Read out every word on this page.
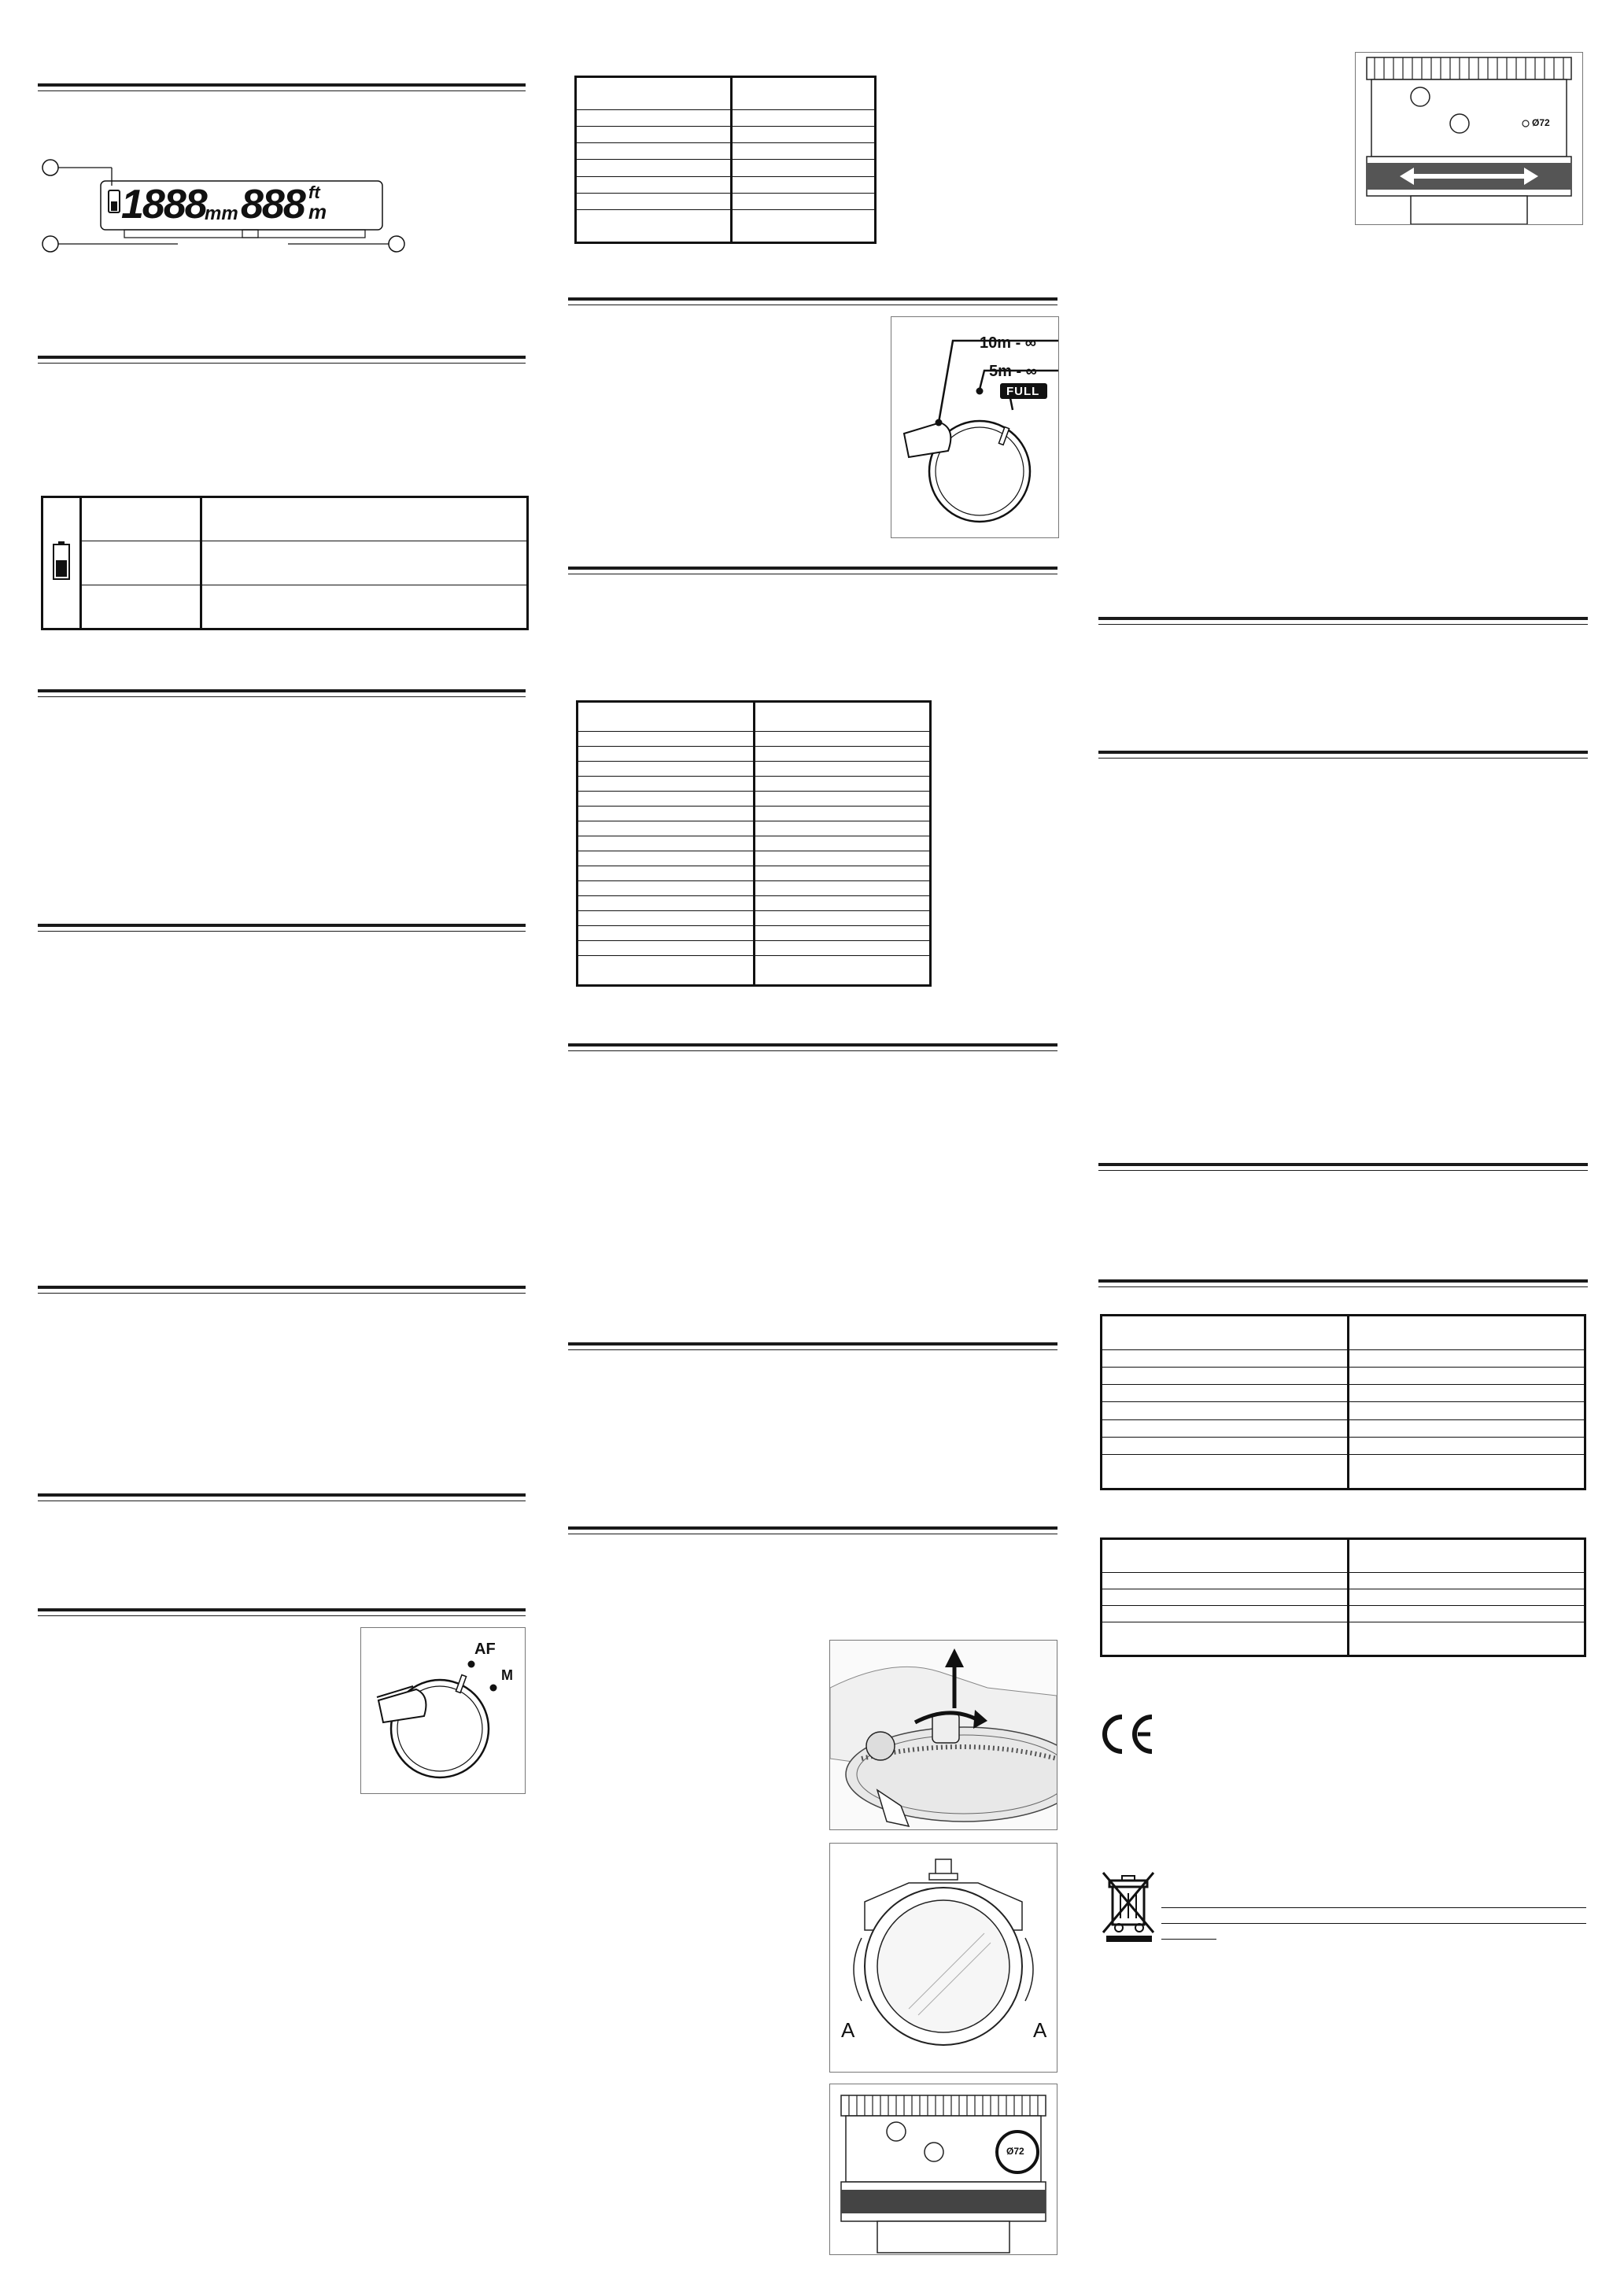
1888
mm 888 ft
m

AF
M

10m - ∞
5m - ∞
FULL

A	A
Ø72
Ø72
